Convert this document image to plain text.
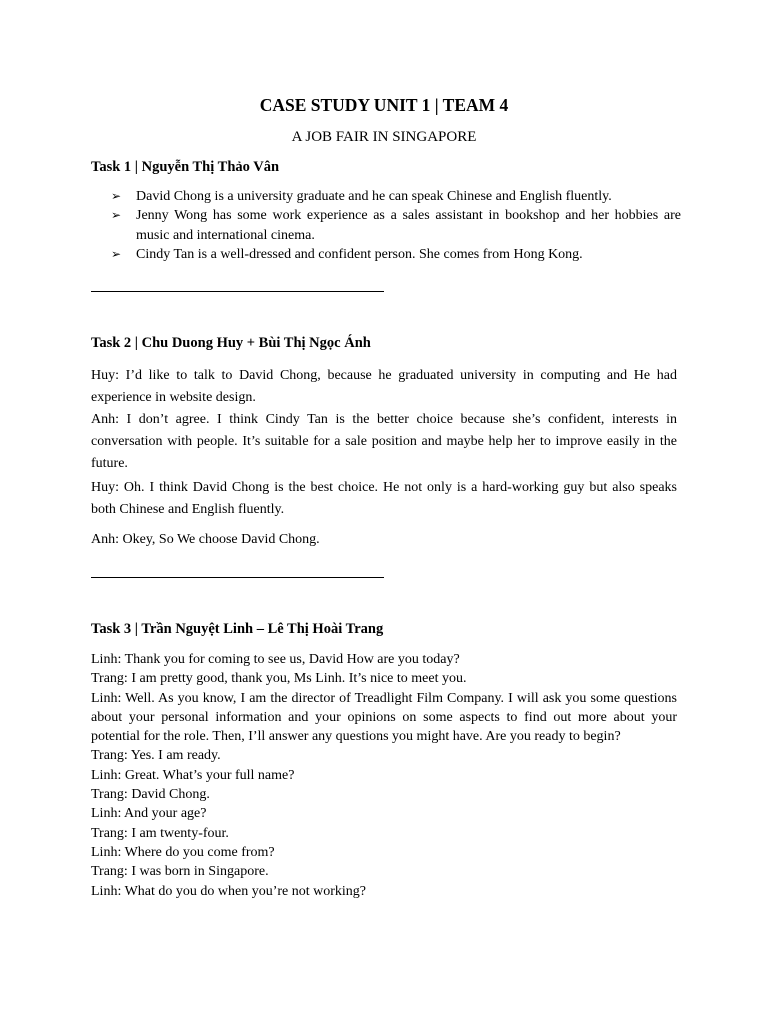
CASE STUDY UNIT 1 | TEAM 4
A JOB FAIR IN SINGAPORE
Task 1 | Nguyễn Thị Thảo Vân
➢ David Chong is a university graduate and he can speak Chinese and English fluently.
➢ Jenny Wong has some work experience as a sales assistant in bookshop and her hobbies are music and international cinema.
➢ Cindy Tan is a well-dressed and confident person. She comes from Hong Kong.
Task 2 | Chu Duong Huy + Bùi Thị Ngọc Ánh

Huy: I’d like to talk to David Chong, because he graduated university in computing and He had experience in website design.

Anh: I don’t agree. I think Cindy Tan is the better choice because she’s confident, interests in conversation with people. It’s suitable for a sale position and maybe help her to improve easily in the future.

Huy: Oh. I think David Chong is the best choice. He not only is a hard-working guy but also speaks both Chinese and English fluently.

Anh: Okey, So We choose David Chong.

Task 3 | Trần Nguyệt Linh – Lê Thị Hoài Trang

Linh: Thank you for coming to see us, David How are you today?

Trang: I am pretty good, thank you, Ms Linh. It’s nice to meet you.

Linh: Well. As you know, I am the director of Treadlight Film Company. I will ask you some questions about your personal information and your opinions on some aspects to find out more about your potential for the role. Then, I’ll answer any questions you might have. Are you ready to begin?

Trang: Yes. I am ready.

Linh: Great. What’s your full name?

Trang: David Chong.

Linh: And your age?

Trang: I am twenty-four.

Linh: Where do you come from?

Trang: I was born in Singapore.

Linh: What do you do when you’re not working?
